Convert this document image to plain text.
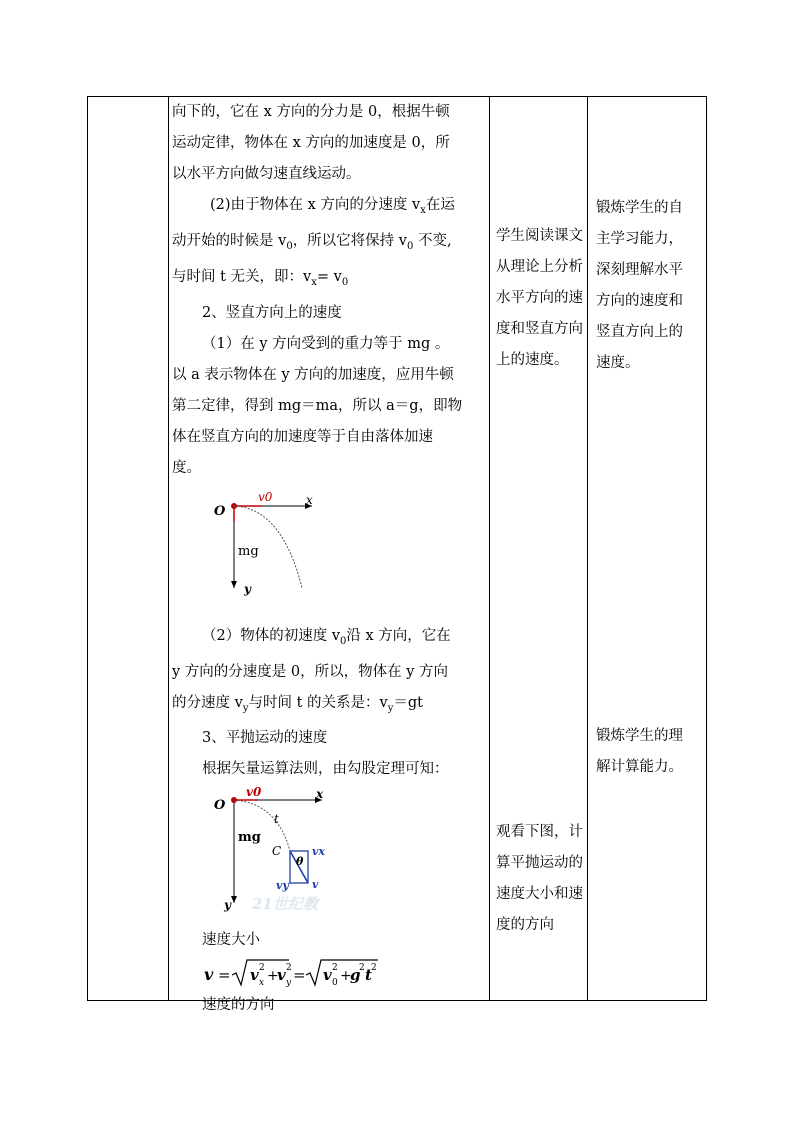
向下的，它在 x 方向的分力是 0，根据牛顿

运动定律，物体在 x 方向的加速度是 0，所

以水平方向做匀速直线运动。

(2)由于物体在 x 方向的分速度 $v_x$在运

动开始的时候是 $v_0$，所以它将保持 $v_0$ 不变,

与时间 t 无关，即：$v_x= v_0$

2、竖直方向上的速度

（1）在 y 方向受到的重力等于 mg 。

以 a 表示物体在 y 方向的加速度，应用牛顿

第二定律，得到 mg＝ma，所以 a＝g，即物

体在竖直方向的加速度等于自由落体加速

度。

O
v0	x
mg
y

（2）物体的初速度 $v_0$沿 x 方向，它在

y 方向的分速度是 0，所以，物体在 y 方向

的分速度 $v_y$与时间 t 的关系是：$v_y=gt$

3、平抛运动的速度

根据矢量运算法则，由勾股定理可知：

O
v0	x
t
mg
C
θ
vx
vy v
y 21世纪教

速度大小

v = v 2
x +
v 2
y = v 2
0 +
g
2 t 2

速度的方向

学生阅读课文从理论上分析水平方向的速度和竖直方向上的速度。
观看下图，计算平抛运动的速度大小和速度的方向
锻炼学生的自主学习能力，深刻理解水平方向的速度和竖直方向上的速度。
锻炼学生的理解计算能力。
